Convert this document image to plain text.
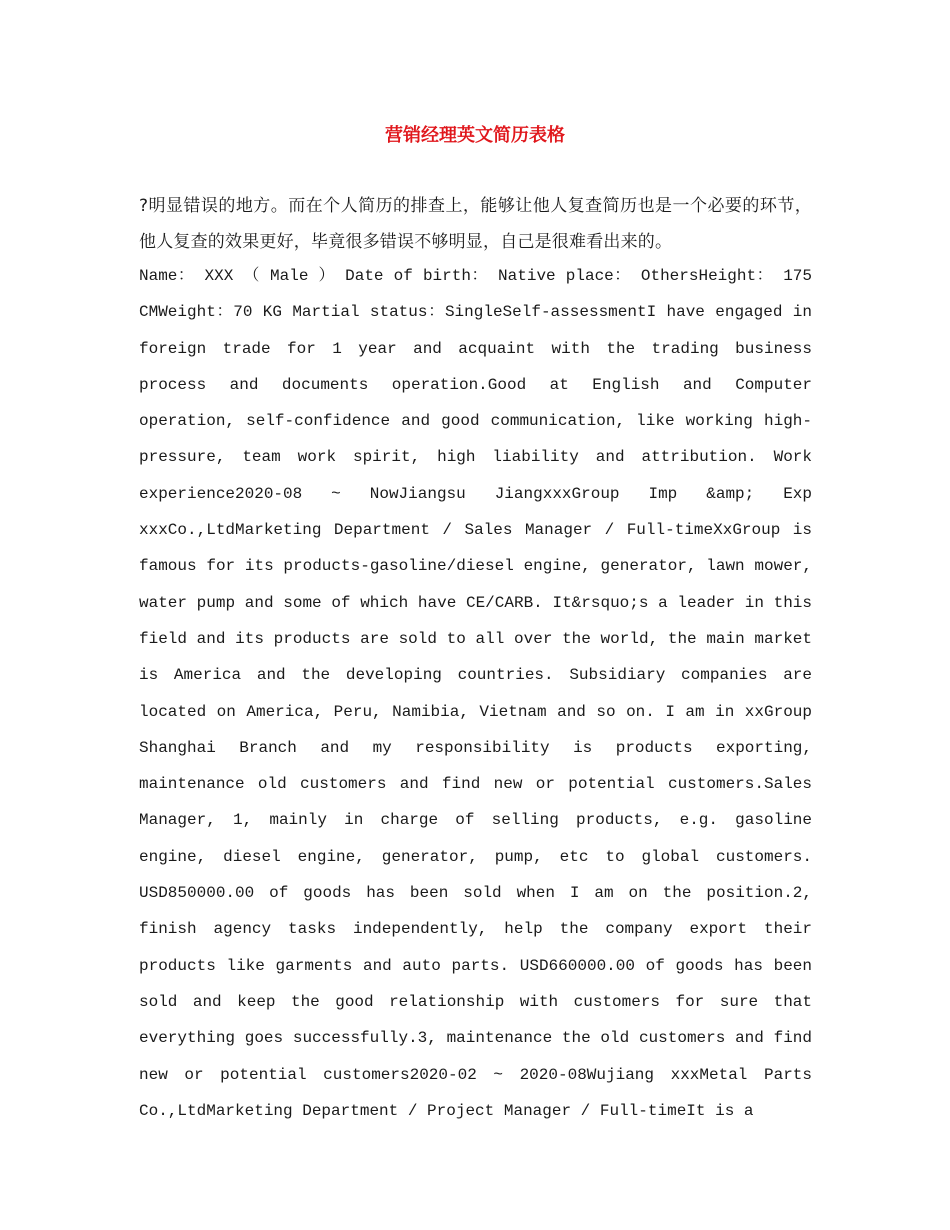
营销经理英文简历表格

?明显错误的地方。而在个人简历的排查上，能够让他人复查简历也是一个必要的环节，他人复查的效果更好，毕竟很多错误不够明显，自己是很难看出来的。

Name： XXX （ Male ） Date of birth： Native place： OthersHeight： 175 CMWeight：70 KG Martial status：SingleSelf-assessmentI have engaged in foreign trade for 1 year and acquaint with the trading business process and documents operation.Good at English and Computer operation, self-confidence and good communication, like working high-pressure, team work spirit, high liability and attribution. Work experience2020-08 ~ NowJiangsu JiangxxxGroup Imp &amp; Exp xxxCo.,LtdMarketing Department / Sales Manager / Full-timeXxGroup is famous for its products-gasoline/diesel engine, generator, lawn mower, water pump and some of which have CE/CARB. It&rsquo;s a leader in this field and its products are sold to all over the world, the main market is America and the developing countries. Subsidiary companies are located on America, Peru, Namibia, Vietnam and so on. I am in xxGroup Shanghai Branch and my responsibility is products exporting, maintenance old customers and find new or potential customers.Sales Manager, 1, mainly in charge of selling products, e.g. gasoline engine, diesel engine, generator, pump, etc to global customers. USD850000.00 of goods has been sold when I am on the position.2, finish agency tasks independently, help the company export their products like garments and auto parts. USD660000.00 of goods has been sold and keep the good relationship with customers for sure that everything goes successfully.3, maintenance the old customers and find new or potential customers2020-02 ~ 2020-08Wujiang xxxMetal Parts Co.,LtdMarketing Department / Project Manager / Full-timeIt is a
